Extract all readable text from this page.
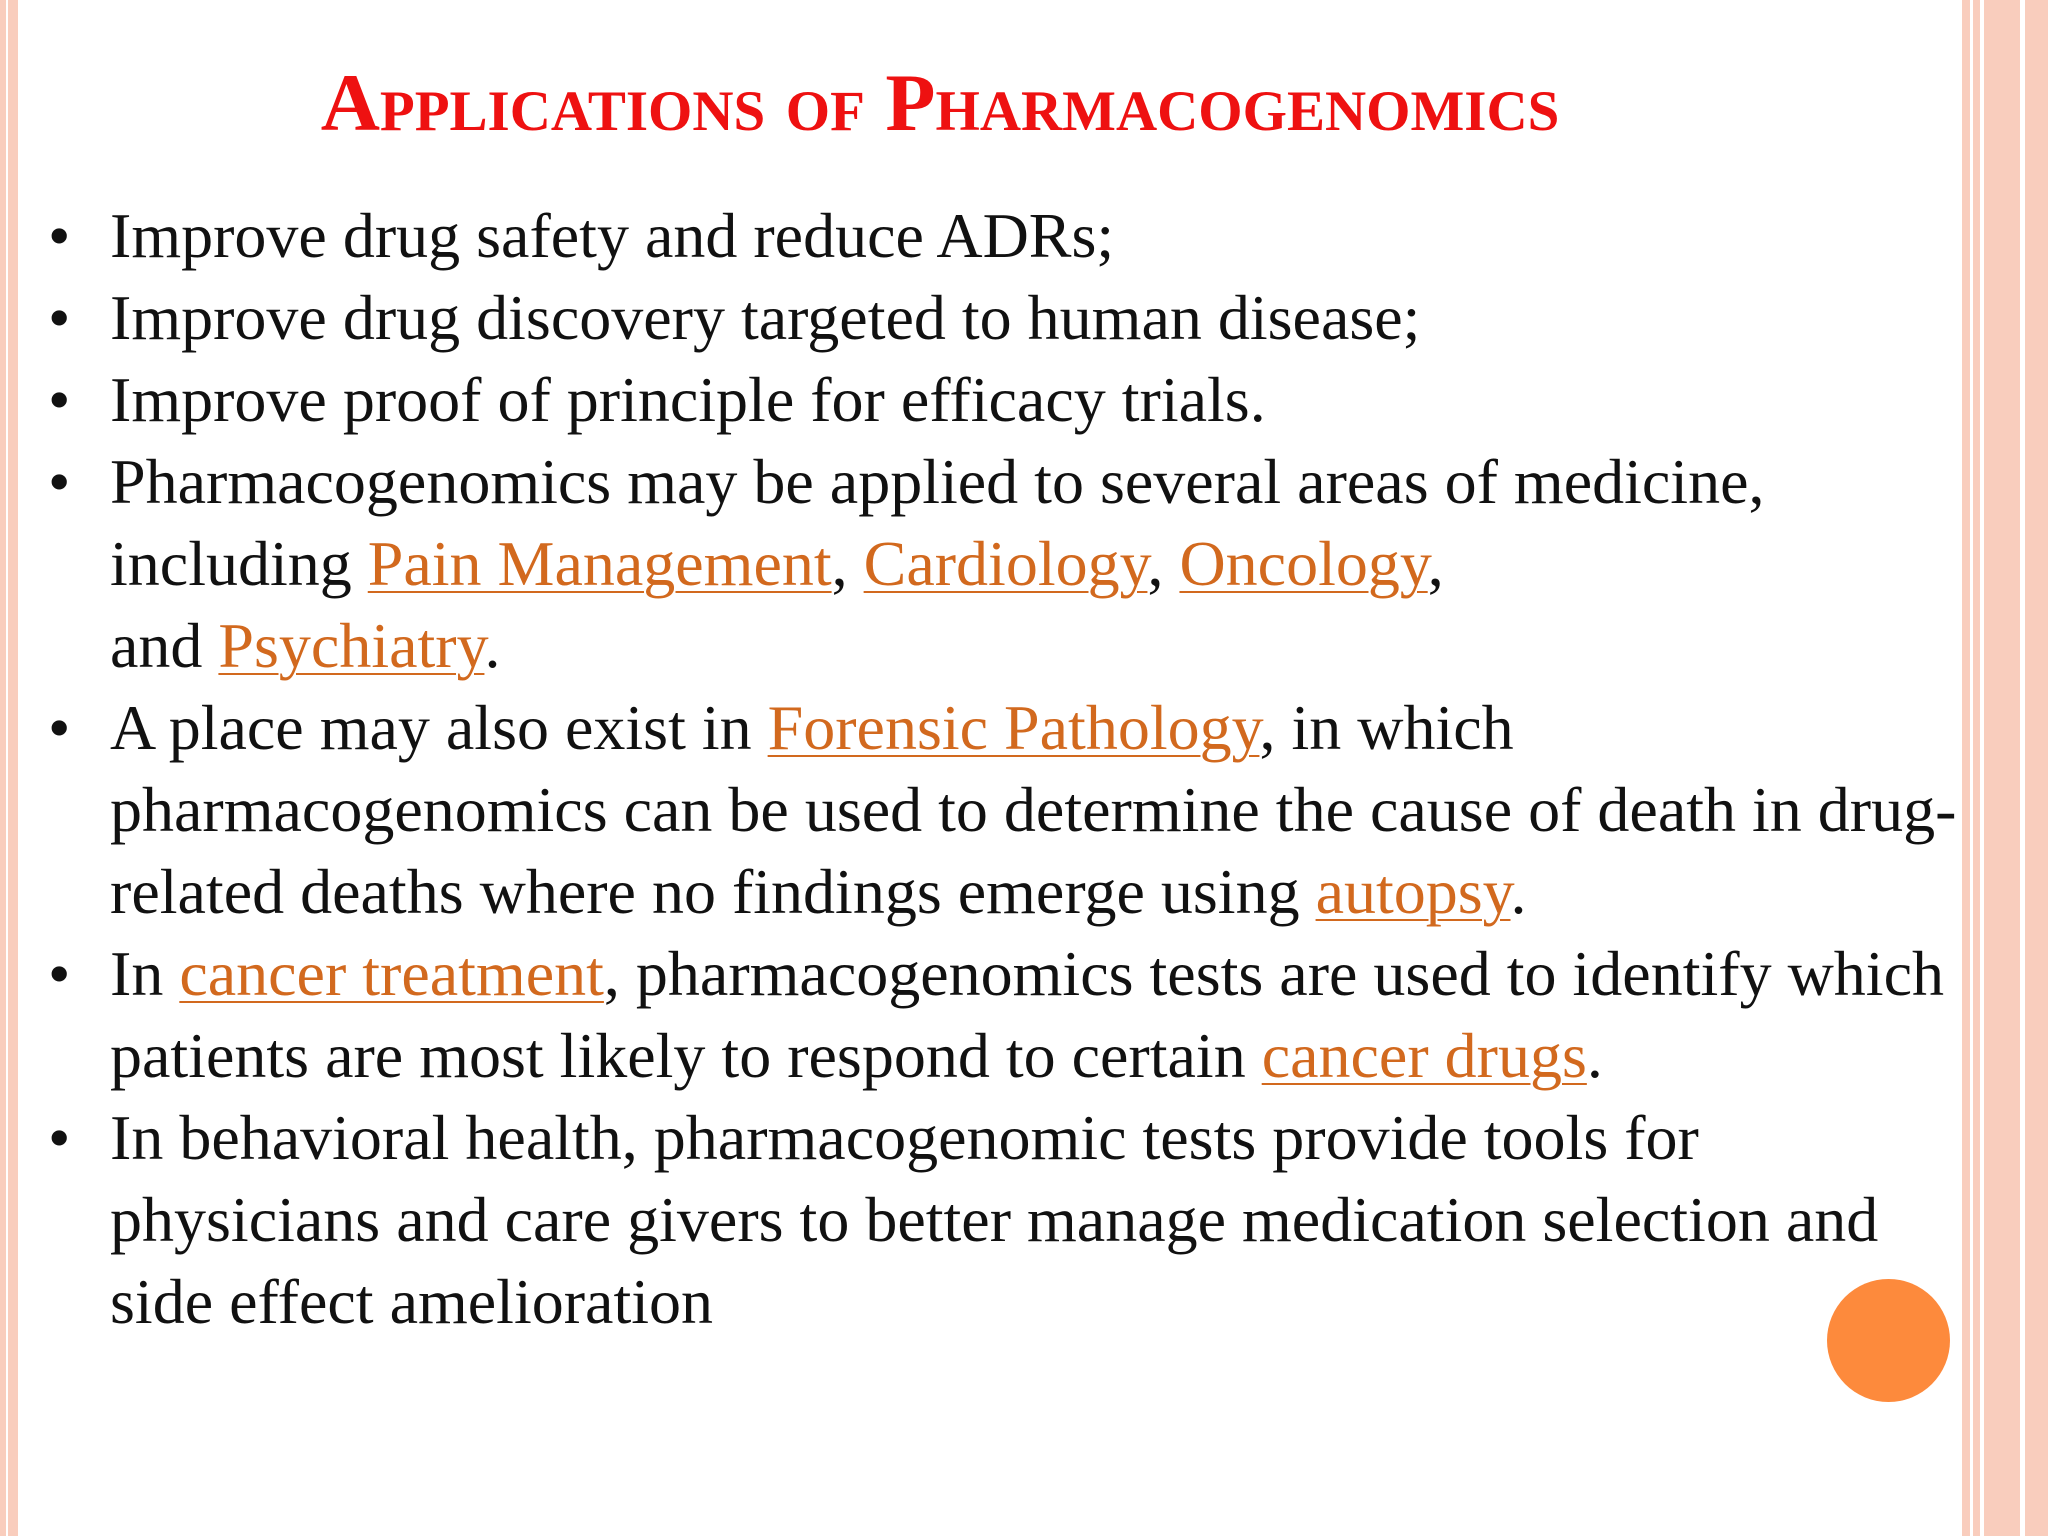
Applications of Pharmacogenomics
• Improve drug safety and reduce ADRs;
• Improve drug discovery targeted to human disease;
• Improve proof of principle for efficacy trials.
• Pharmacogenomics may be applied to several areas of medicine, including Pain Management, Cardiology, Oncology,
and Psychiatry.
• A place may also exist in Forensic Pathology, in which pharmacogenomics can be used to determine the cause of death in drug-related deaths where no findings emerge using autopsy.
• In cancer treatment, pharmacogenomics tests are used to identify which patients are most likely to respond to certain cancer drugs.
• In behavioral health, pharmacogenomic tests provide tools for physicians and care givers to better manage medication selection and side effect amelioration
